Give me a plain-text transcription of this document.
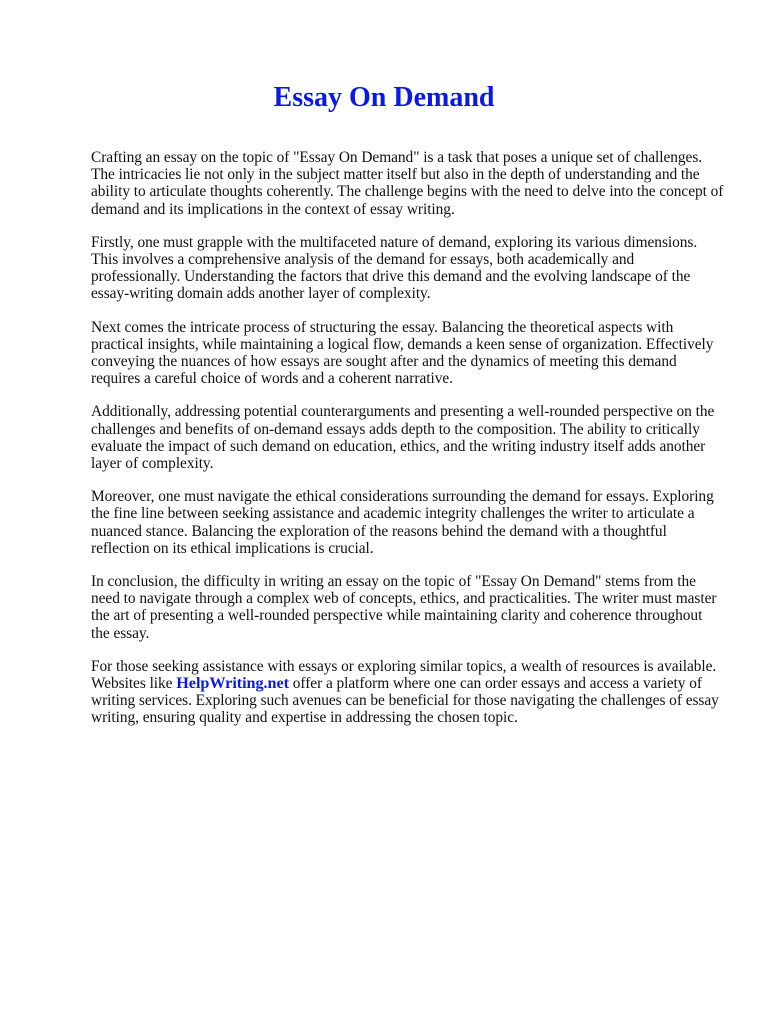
Essay On Demand

Crafting an essay on the topic of "Essay On Demand" is a task that poses a unique set of challenges. The intricacies lie not only in the subject matter itself but also in the depth of understanding and the ability to articulate thoughts coherently. The challenge begins with the need to delve into the concept of demand and its implications in the context of essay writing.

Firstly, one must grapple with the multifaceted nature of demand, exploring its various dimensions. This involves a comprehensive analysis of the demand for essays, both academically and professionally. Understanding the factors that drive this demand and the evolving landscape of the essay-writing domain adds another layer of complexity.

Next comes the intricate process of structuring the essay. Balancing the theoretical aspects with practical insights, while maintaining a logical flow, demands a keen sense of organization. Effectively conveying the nuances of how essays are sought after and the dynamics of meeting this demand requires a careful choice of words and a coherent narrative.

Additionally, addressing potential counterarguments and presenting a well-rounded perspective on the challenges and benefits of on-demand essays adds depth to the composition. The ability to critically evaluate the impact of such demand on education, ethics, and the writing industry itself adds another layer of complexity.

Moreover, one must navigate the ethical considerations surrounding the demand for essays. Exploring the fine line between seeking assistance and academic integrity challenges the writer to articulate a nuanced stance. Balancing the exploration of the reasons behind the demand with a thoughtful reflection on its ethical implications is crucial.

In conclusion, the difficulty in writing an essay on the topic of "Essay On Demand" stems from the need to navigate through a complex web of concepts, ethics, and practicalities. The writer must master the art of presenting a well-rounded perspective while maintaining clarity and coherence throughout the essay.

For those seeking assistance with essays or exploring similar topics, a wealth of resources is available. Websites like HelpWriting.net offer a platform where one can order essays and access a variety of writing services. Exploring such avenues can be beneficial for those navigating the challenges of essay writing, ensuring quality and expertise in addressing the chosen topic.
